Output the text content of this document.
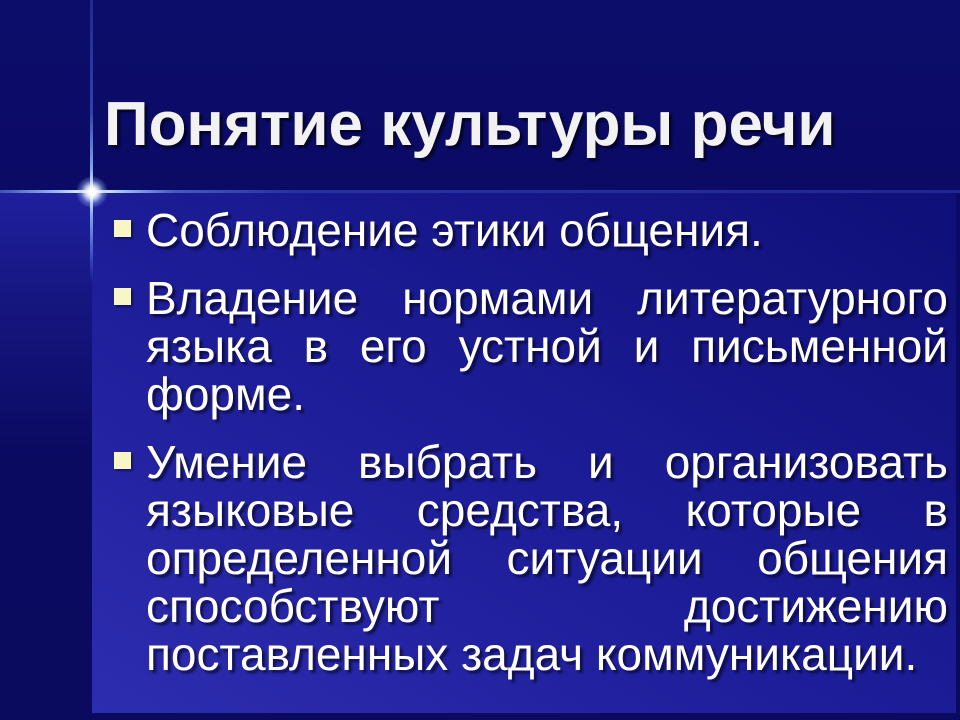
Соблюдение этики общения.
Владение нормами литературного
языка в его устной и письменной
форме.
Умение выбрать и организовать
языковые средства, которые в
определенной ситуации общения
способствуют достижению
поставленных задач коммуникации.
Понятие культуры речи
